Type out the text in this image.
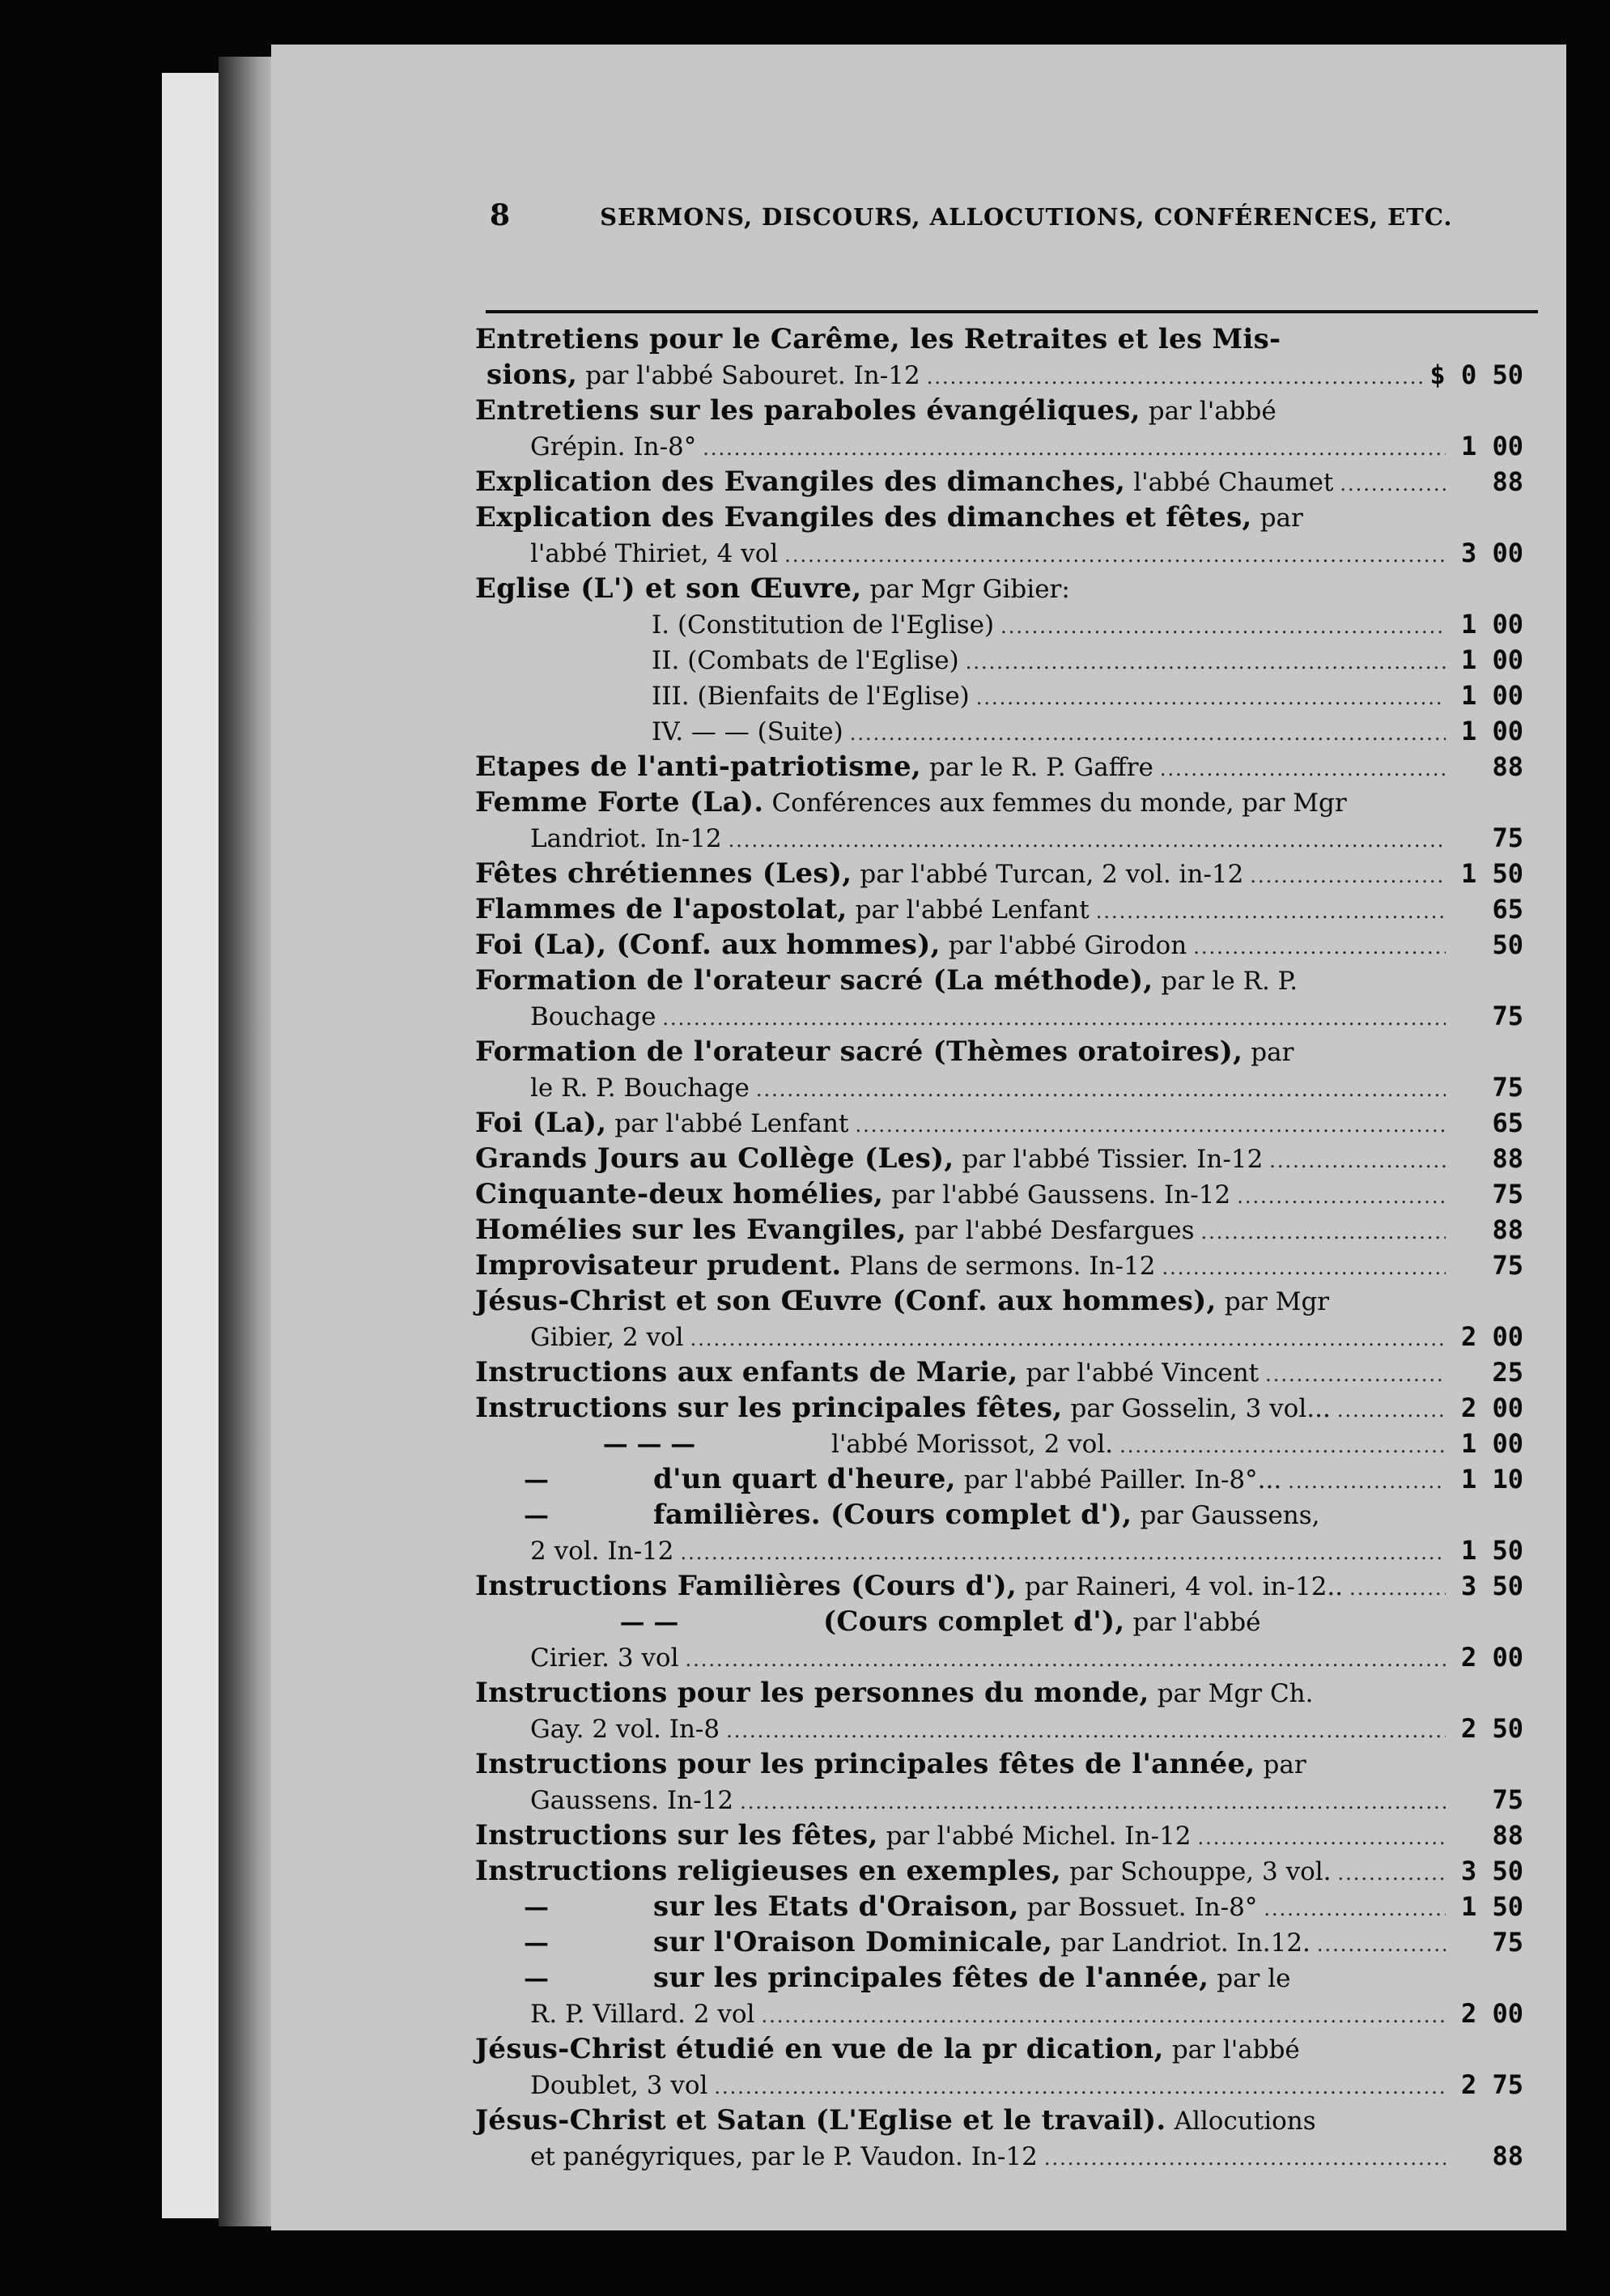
8	SERMONS, DISCOURS, ALLOCUTIONS, CONFÉRENCES, ETC.
Entretiens pour le Carême, les Retraites et les Mis-
sions, par l'abbé Sabouret. In-12 .....	$ 0 50
Entretiens sur les paraboles évangéliques, par l'abbé
Grépin. In-8° .....	1 00
Explication des Evangiles des dimanches, l'abbé Chaumet .....	88
Explication des Evangiles des dimanches et fêtes, par
l'abbé Thiriet, 4 vol .....	3 00
Eglise (L') et son Œuvre, par Mgr Gibier:
I. (Constitution de l'Eglise) .....	1 00
II. (Combats de l'Eglise) .....	1 00
III. (Bienfaits de l'Eglise) .....	1 00
IV. — — (Suite) .....	1 00
Etapes de l'anti-patriotisme, par le R. P. Gaffre .....	88
Femme Forte (La). Conférences aux femmes du monde, par Mgr
Landriot. In-12 .....	75
Fêtes chrétiennes (Les), par l'abbé Turcan, 2 vol. in-12 .....	1 50
Flammes de l'apostolat, par l'abbé Lenfant .....	65
Foi (La), (Conf. aux hommes), par l'abbé Girodon .....	50
Formation de l'orateur sacré (La méthode), par le R. P.
Bouchage .....	75
Formation de l'orateur sacré (Thèmes oratoires), par
le R. P. Bouchage .....	75
Foi (La), par l'abbé Lenfant .....	65
Grands Jours au Collège (Les), par l'abbé Tissier. In-12 .....	88
Cinquante-deux homélies, par l'abbé Gaussens. In-12 .....	75
Homélies sur les Evangiles, par l'abbé Desfargues .....	88
Improvisateur prudent. Plans de sermons. In-12 .....	75
Jésus-Christ et son Œuvre (Conf. aux hommes), par Mgr
Gibier, 2 vol .....	2 00
Instructions aux enfants de Marie, par l'abbé Vincent .....	25
Instructions sur les principales fêtes, par Gosselin, 3 vol... .....	2 00
— — —	l'abbé Morissot, 2 vol. .....	1 00
—	d'un quart d'heure, par l'abbé Pailler. In-8°... .....	1 10
—	familières. (Cours complet d'), par Gaussens,
2 vol. In-12 .....	1 50
Instructions Familières (Cours d'), par Raineri, 4 vol. in-12.. .....	3 50
— —	(Cours complet d'), par l'abbé
Cirier. 3 vol .....	2 00
Instructions pour les personnes du monde, par Mgr Ch.
Gay. 2 vol. In-8 .....	2 50
Instructions pour les principales fêtes de l'année, par
Gaussens. In-12 .....	75
Instructions sur les fêtes, par l'abbé Michel. In-12 .....	88
Instructions religieuses en exemples, par Schouppe, 3 vol. .....	3 50
—	sur les Etats d'Oraison, par Bossuet. In-8° .....	1 50
—	sur l'Oraison Dominicale, par Landriot. In.12. .....	75
—	sur les principales fêtes de l'année, par le
R. P. Villard. 2 vol .....	2 00
Jésus-Christ étudié en vue de la pr dication, par l'abbé
Doublet, 3 vol .....	2 75
Jésus-Christ et Satan (L'Eglise et le travail). Allocutions
et panégyriques, par le P. Vaudon. In-12 .....	88
